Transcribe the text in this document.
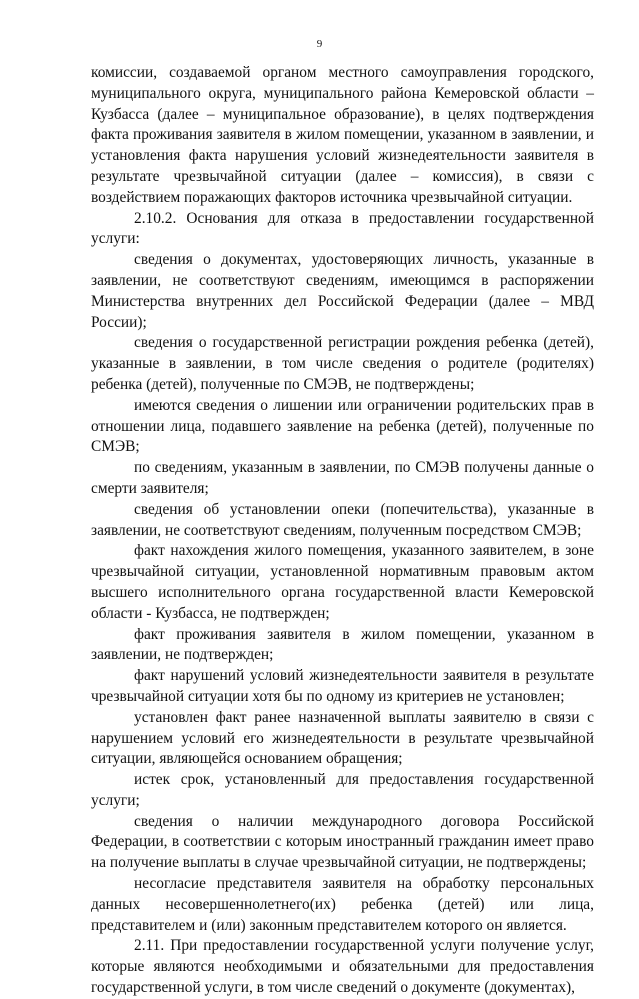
9

комиссии, создаваемой органом местного самоуправления городского, муниципального округа, муниципального района Кемеровской области – Кузбасса (далее – муниципальное образование), в целях подтверждения факта проживания заявителя в жилом помещении, указанном в заявлении, и установления факта нарушения условий жизнедеятельности заявителя в результате чрезвычайной ситуации (далее – комиссия), в связи с воздействием поражающих факторов источника чрезвычайной ситуации.

2.10.2. Основания для отказа в предоставлении государственной услуги:

сведения о документах, удостоверяющих личность, указанные в заявлении, не соответствуют сведениям, имеющимся в распоряжении Министерства внутренних дел Российской Федерации (далее – МВД России);

сведения о государственной регистрации рождения ребенка (детей), указанные в заявлении, в том числе сведения о родителе (родителях) ребенка (детей), полученные по СМЭВ, не подтверждены;

имеются сведения о лишении или ограничении родительских прав в отношении лица, подавшего заявление на ребенка (детей), полученные по СМЭВ;

по сведениям, указанным в заявлении, по СМЭВ получены данные о смерти заявителя;

сведения об установлении опеки (попечительства), указанные в заявлении, не соответствуют сведениям, полученным посредством СМЭВ;

факт нахождения жилого помещения, указанного заявителем, в зоне чрезвычайной ситуации, установленной нормативным правовым актом высшего исполнительного органа государственной власти Кемеровской области - Кузбасса, не подтвержден;

факт проживания заявителя в жилом помещении, указанном в заявлении, не подтвержден;

факт нарушений условий жизнедеятельности заявителя в результате чрезвычайной ситуации хотя бы по одному из критериев не установлен;

установлен факт ранее назначенной выплаты заявителю в связи с нарушением условий его жизнедеятельности в результате чрезвычайной ситуации, являющейся основанием обращения;

истек срок, установленный для предоставления государственной услуги;

сведения о наличии международного договора Российской Федерации, в соответствии с которым иностранный гражданин имеет право на получение выплаты в случае чрезвычайной ситуации, не подтверждены;

несогласие представителя заявителя на обработку персональных данных несовершеннолетнего(их) ребенка (детей) или лица, представителем и (или) законным представителем которого он является.

2.11. При предоставлении государственной услуги получение услуг, которые являются необходимыми и обязательными для предоставления государственной услуги, в том числе сведений о документе (документах),
